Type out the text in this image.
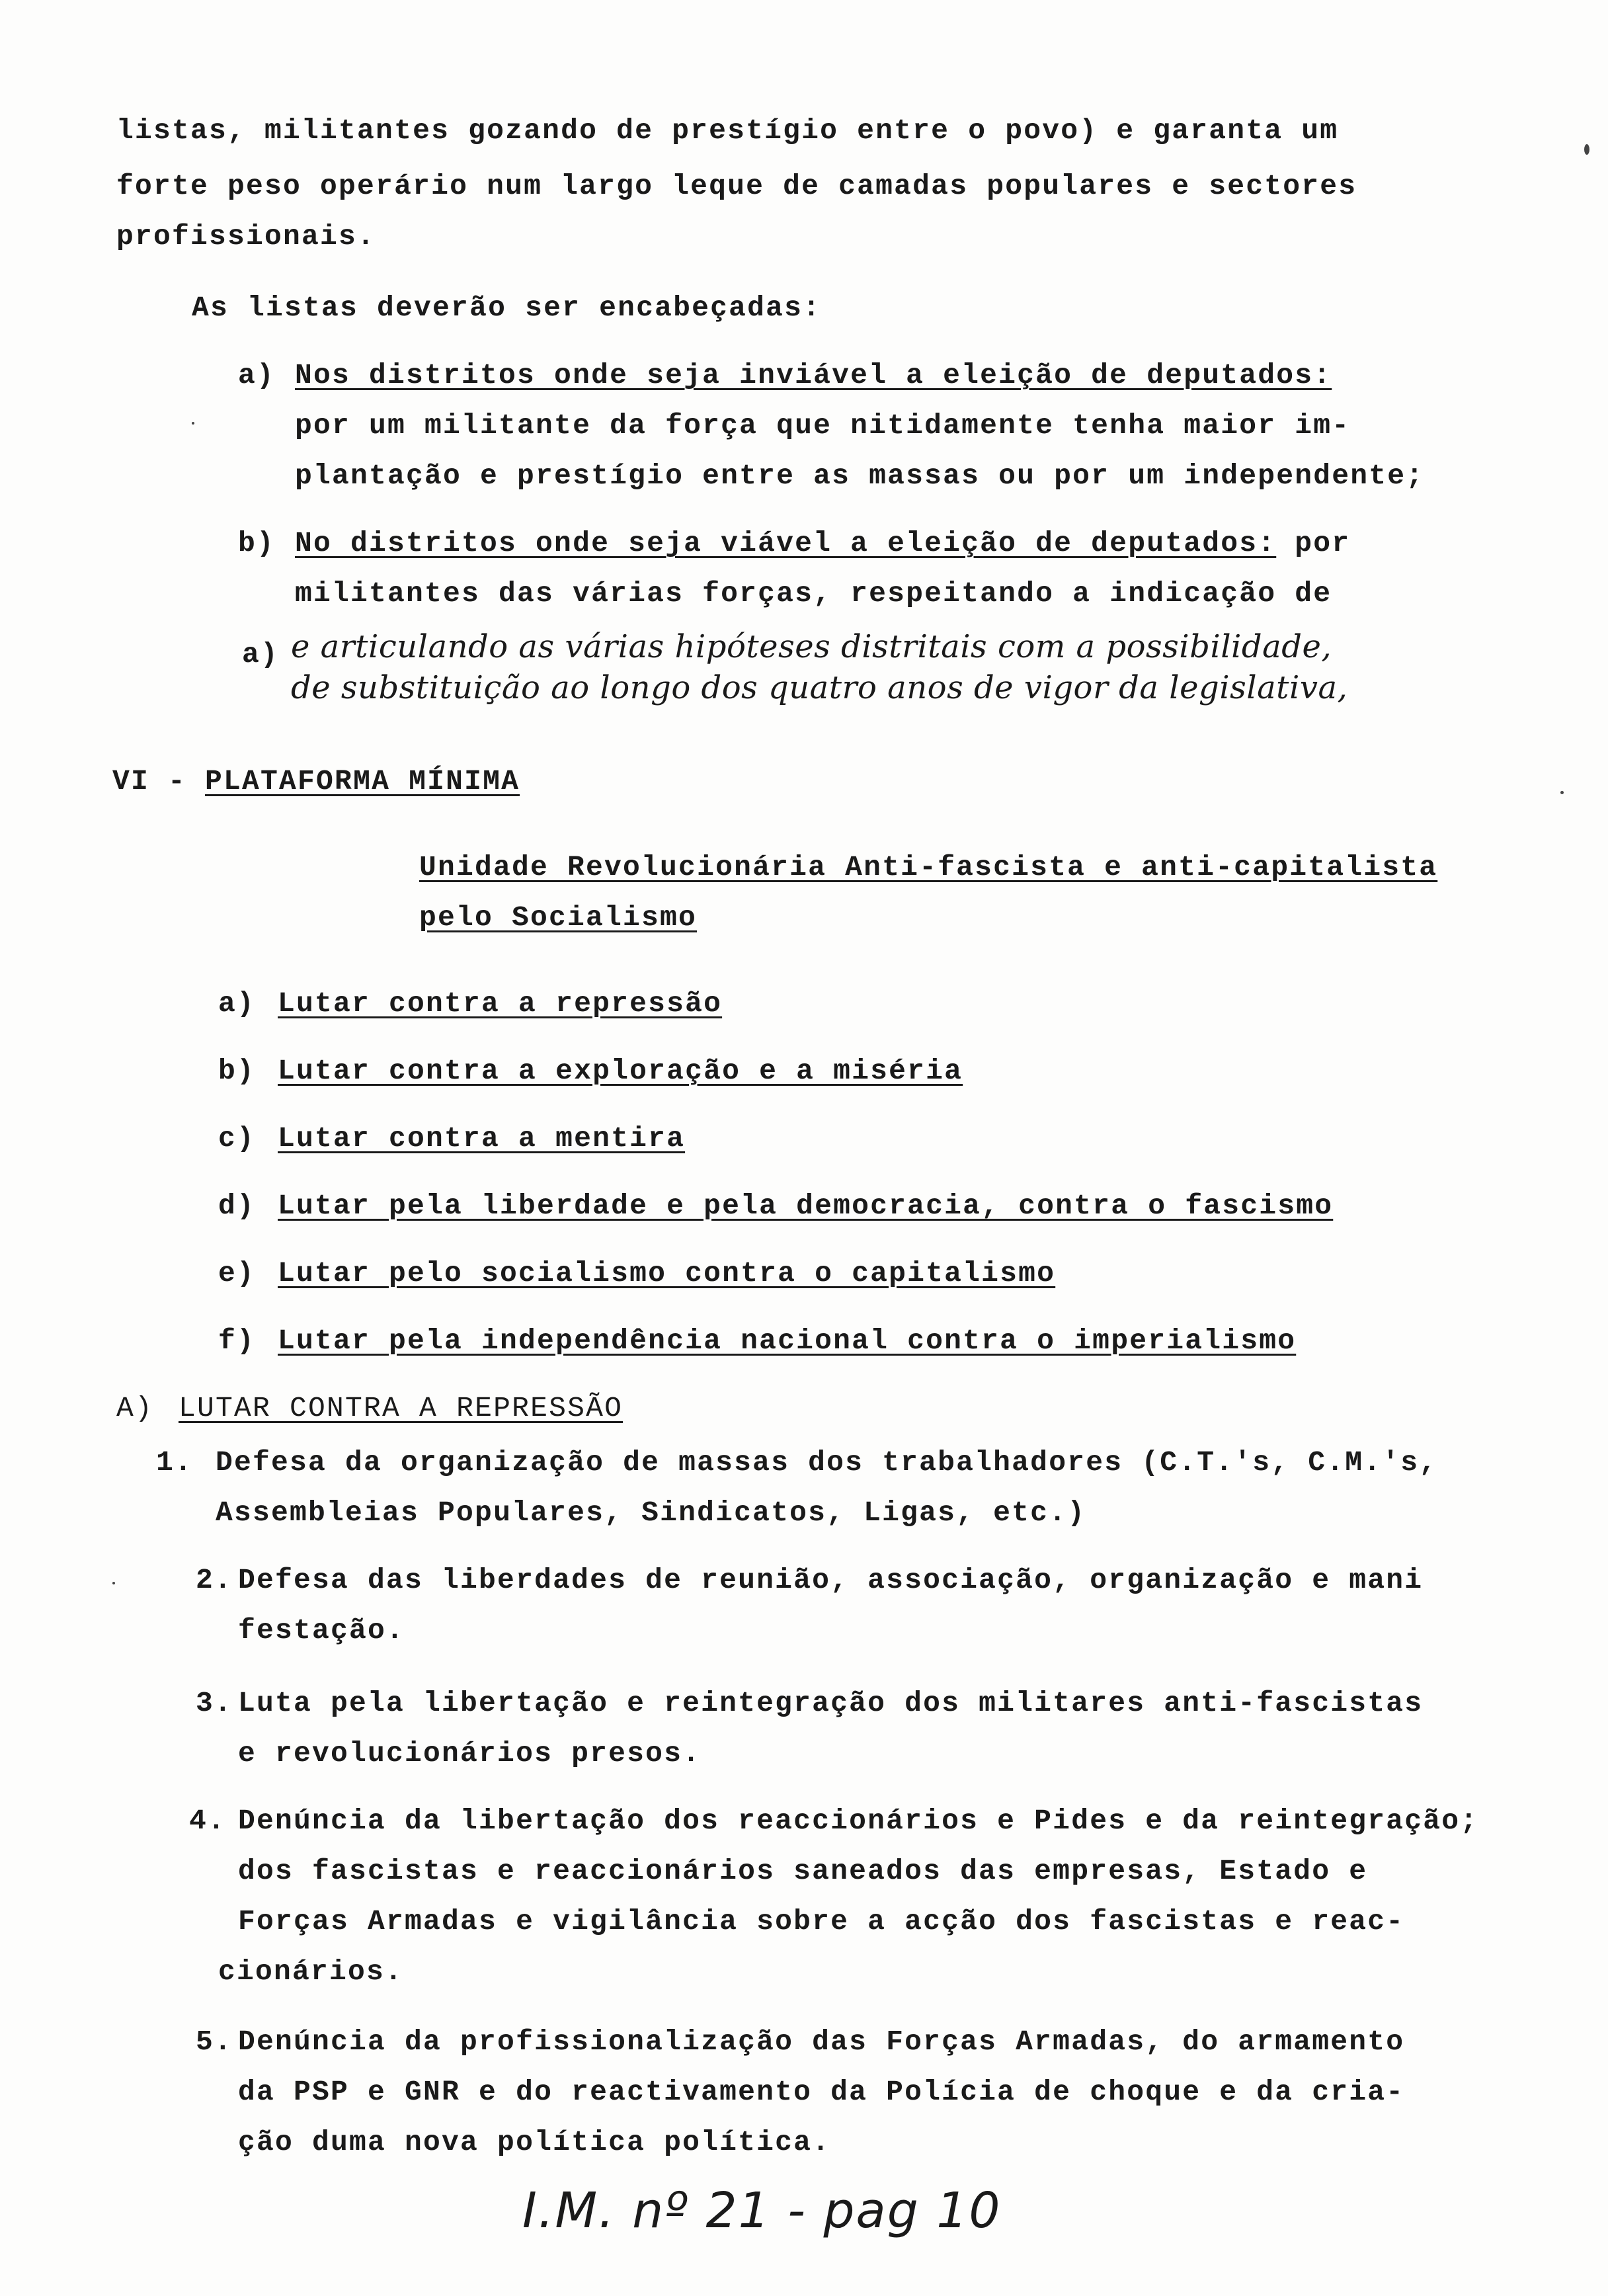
listas, militantes gozando de prestígio entre o povo) e garanta um
forte peso operário num largo leque de camadas populares e sectores
profissionais.
As listas deverão ser encabeçadas:
a) Nos distritos onde seja inviável a eleição de deputados:
por um militante da força que nitidamente tenha maior im-
plantação e prestígio entre as massas ou por um independente;
b) No distritos onde seja viável a eleição de deputados: por
militantes das várias forças, respeitando a indicação de
a) e articulando as várias hipóteses distritais com a possibilidade,
de substituição ao longo dos quatro anos de vigor da legislativa,
VI - PLATAFORMA MÍNIMA
Unidade Revolucionária Anti-fascista e anti-capitalista
pelo Socialismo
a) Lutar contra a repressão
b) Lutar contra a exploração e a miséria
c) Lutar contra a mentira
d) Lutar pela liberdade e pela democracia, contra o fascismo
e) Lutar pelo socialismo contra o capitalismo
f) Lutar pela independência nacional contra o imperialismo
A) LUTAR CONTRA A REPRESSÃO
1. Defesa da organização de massas dos trabalhadores (C.T.'s, C.M.'s,
Assembleias Populares, Sindicatos, Ligas, etc.)
2. Defesa das liberdades de reunião, associação, organização e mani
festação.
3. Luta pela libertação e reintegração dos militares anti-fascistas
e revolucionários presos.
4. Denúncia da libertação dos reaccionários e Pides e da reintegração;
dos fascistas e reaccionários saneados das empresas, Estado e
Forças Armadas e vigilância sobre a acção dos fascistas e reac-
cionários.
5. Denúncia da profissionalização das Forças Armadas, do armamento
da PSP e GNR e do reactivamento da Polícia de choque e da cria-
ção duma nova política política.
I.M. nº 21 - pag 10
